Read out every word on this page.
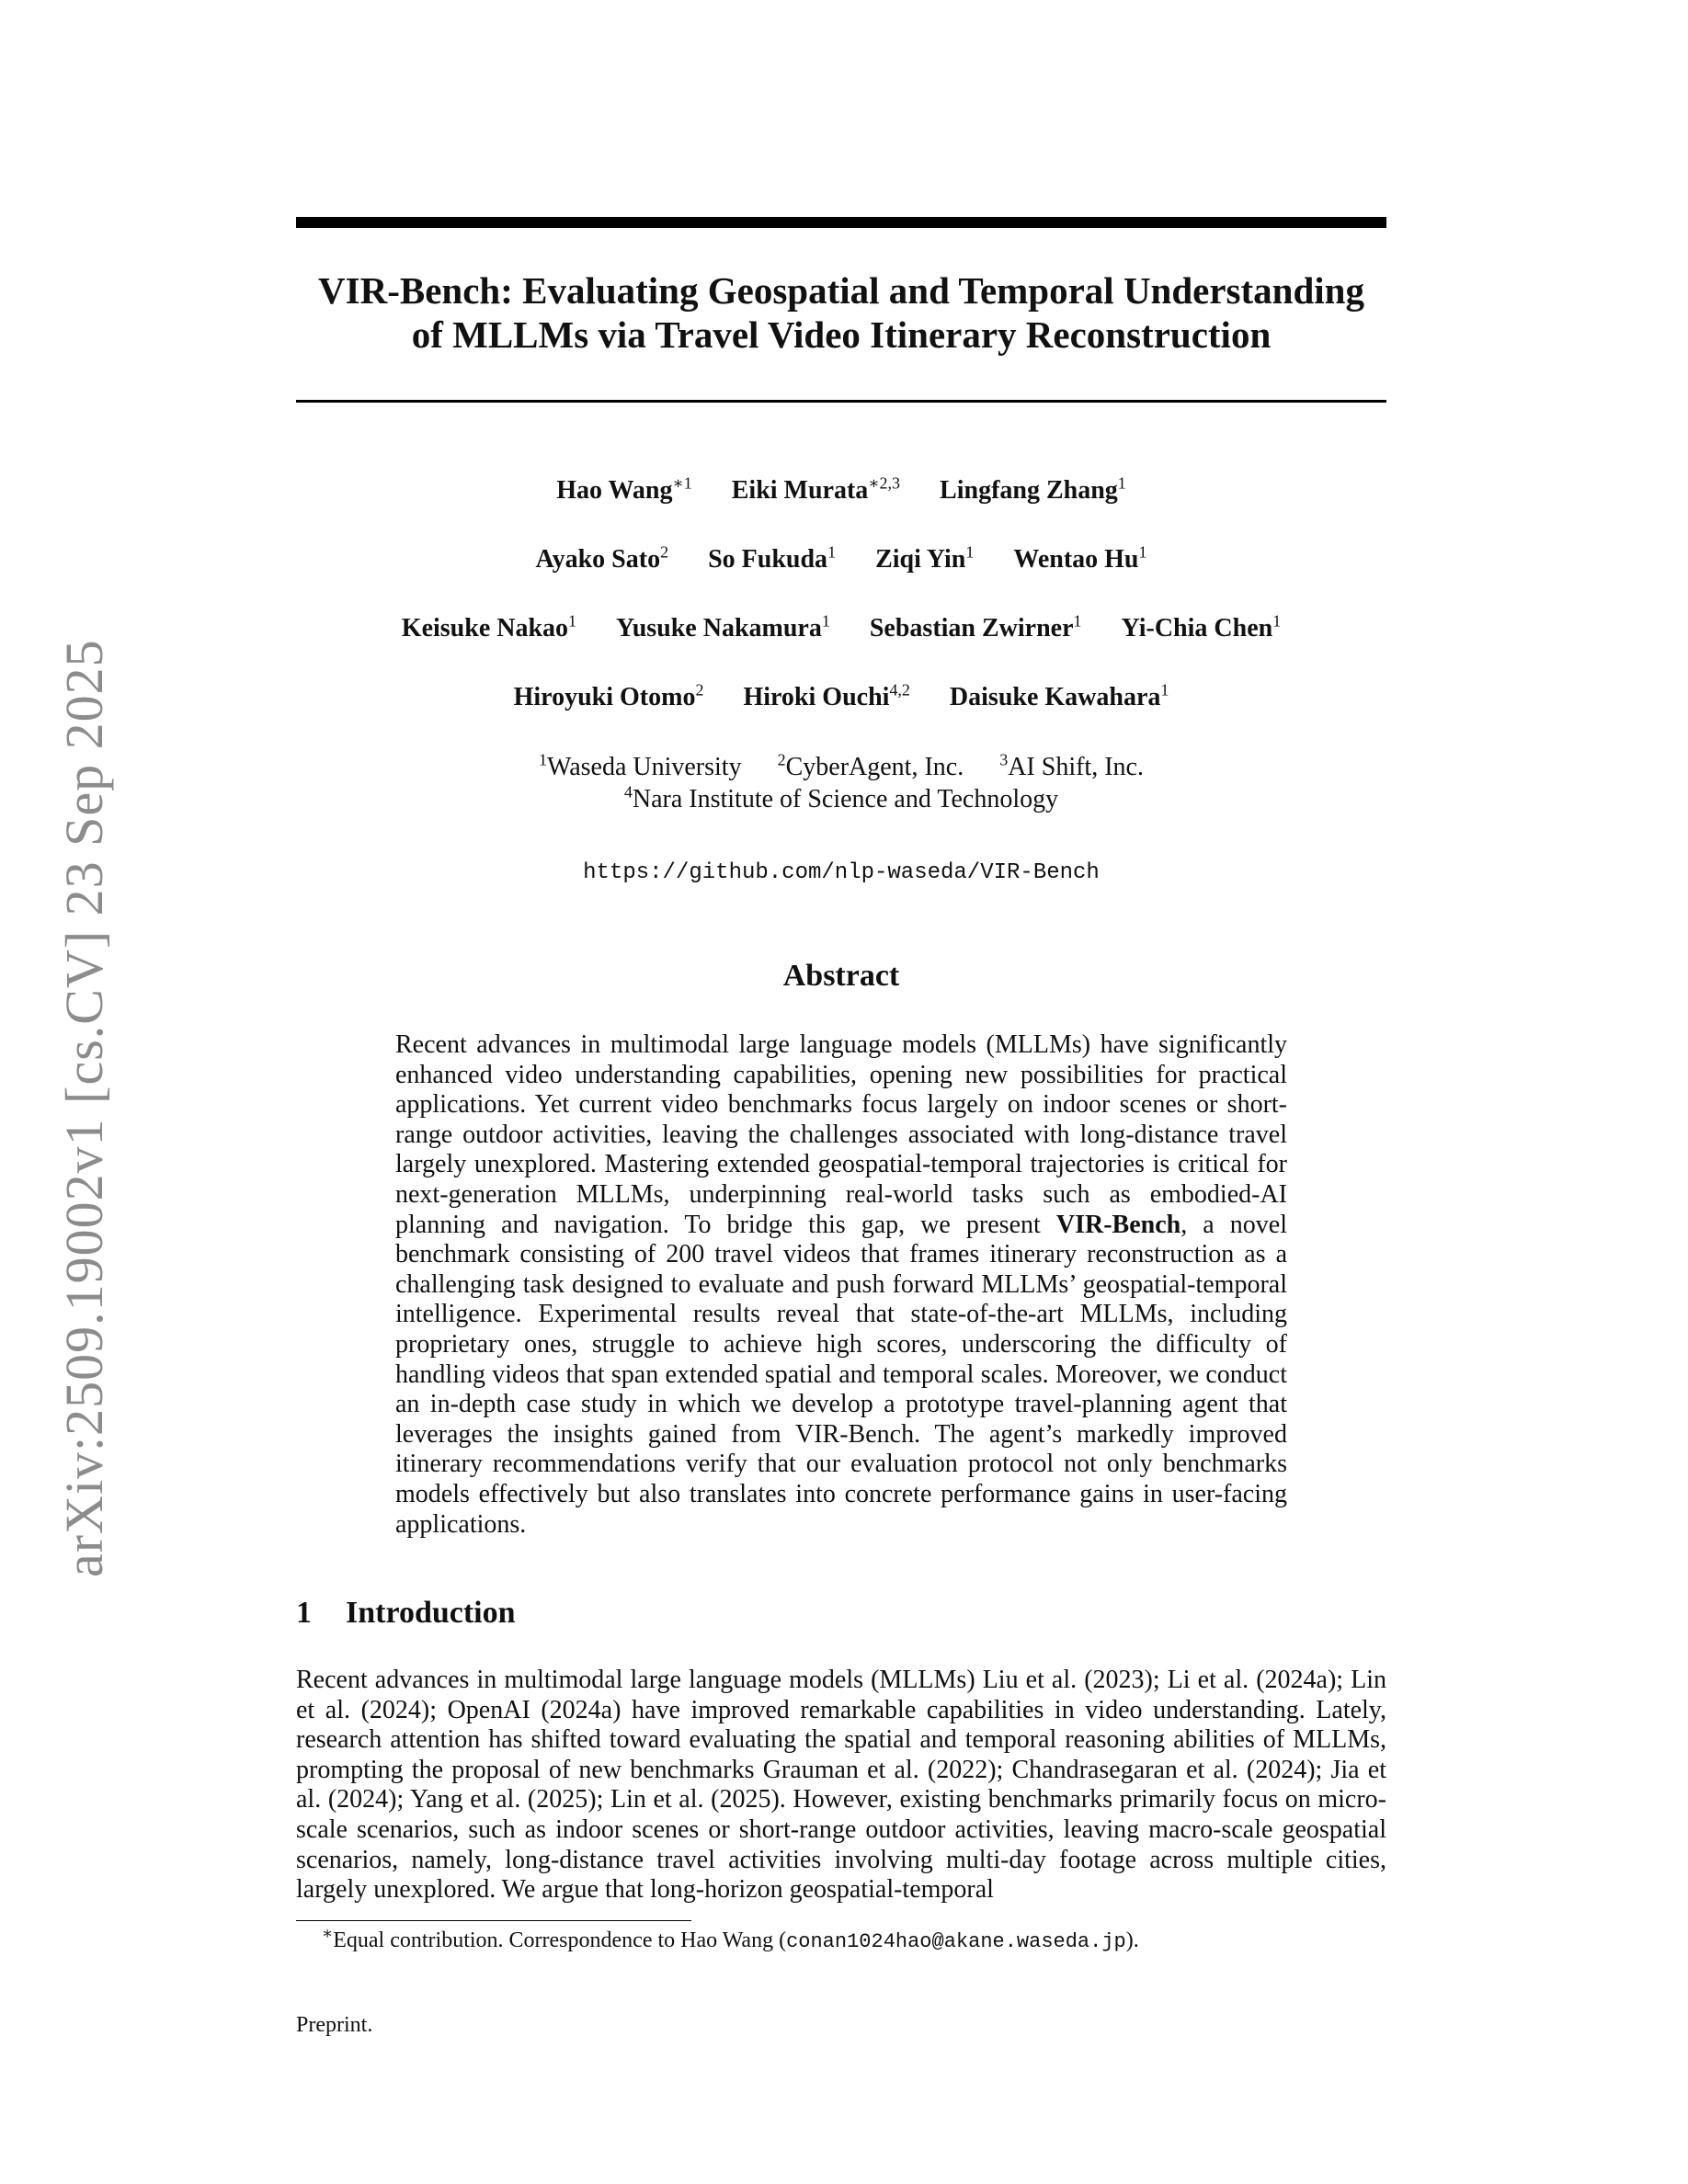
arXiv:2509.19002v1 [cs.CV] 23 Sep 2025
VIR-Bench: Evaluating Geospatial and Temporal Understanding
of MLLMs via Travel Video Itinerary Reconstruction
Hao Wang$^{∗1}$ Eiki Murata$^{∗2,3}$ Lingfang Zhang$^1$
Ayako Sato$^2$ So Fukuda$^1$ Ziqi Yin$^1$ Wentao Hu$^1$
Keisuke Nakao$^1$ Yusuke Nakamura$^1$ Sebastian Zwirner$^1$ Yi-Chia Chen$^1$
Hiroyuki Otomo$^2$ Hiroki Ouchi$^{4,2}$ Daisuke Kawahara$^1$
$^1$Waseda University $^2$CyberAgent, Inc. $^3$AI Shift, Inc.
$^4$Nara Institute of Science and Technology
https://github.com/nlp-waseda/VIR-Bench
Abstract
Recent advances in multimodal large language models (MLLMs) have significantly enhanced video understanding capabilities, opening new possibilities for practical applications. Yet current video benchmarks focus largely on indoor scenes or short-range outdoor activities, leaving the challenges associated with long-distance travel largely unexplored. Mastering extended geospatial-temporal trajectories is critical for next-generation MLLMs, underpinning real-world tasks such as embodied-AI planning and navigation. To bridge this gap, we present VIR-Bench, a novel benchmark consisting of 200 travel videos that frames itinerary reconstruction as a challenging task designed to evaluate and push forward MLLMs’ geospatial-temporal intelligence. Experimental results reveal that state-of-the-art MLLMs, including proprietary ones, struggle to achieve high scores, underscoring the difficulty of handling videos that span extended spatial and temporal scales. Moreover, we conduct an in-depth case study in which we develop a prototype travel-planning agent that leverages the insights gained from VIR-Bench. The agent’s markedly improved itinerary recommendations verify that our evaluation protocol not only benchmarks models effectively but also translates into concrete performance gains in user-facing applications.
1 Introduction
Recent advances in multimodal large language models (MLLMs) Liu et al. (2023); Li et al. (2024a); Lin et al. (2024); OpenAI (2024a) have improved remarkable capabilities in video understanding. Lately, research attention has shifted toward evaluating the spatial and temporal reasoning abilities of MLLMs, prompting the proposal of new benchmarks Grauman et al. (2022); Chandrasegaran et al. (2024); Jia et al. (2024); Yang et al. (2025); Lin et al. (2025). However, existing benchmarks primarily focus on micro-scale scenarios, such as indoor scenes or short-range outdoor activities, leaving macro-scale geospatial scenarios, namely, long-distance travel activities involving multi-day footage across multiple cities, largely unexplored. We argue that long-horizon geospatial-temporal
∗Equal contribution. Correspondence to Hao Wang (conan1024hao@akane.waseda.jp).
Preprint.
